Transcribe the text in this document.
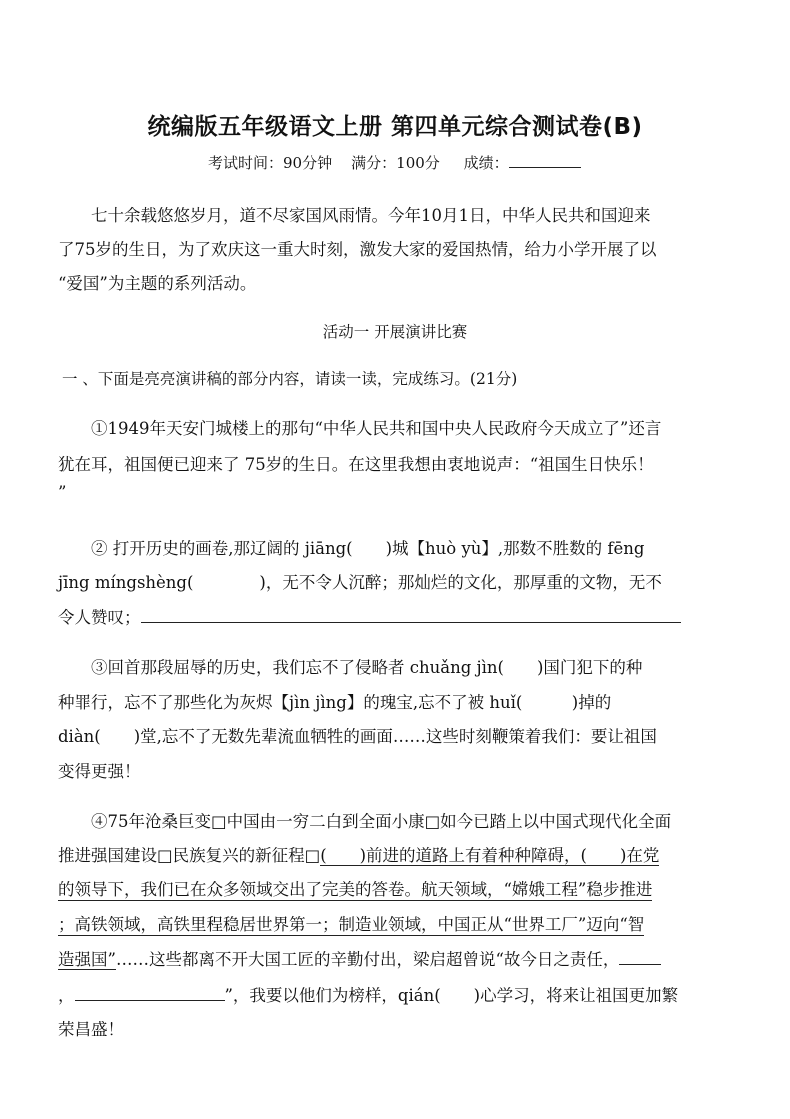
统编版五年级语文上册 第四单元综合测试卷(B)
考试时间：90分钟 满分：100分 成绩：
　　七十余载悠悠岁月，道不尽家国风雨情。今年10月1日，中华人民共和国迎来
了75岁的生日，为了欢庆这一重大时刻，激发大家的爱国热情，给力小学开展了以
“爱国”为主题的系列活动。
活动一 开展演讲比赛
一 、下面是亮亮演讲稿的部分内容，请读一读，完成练习。(21分)
　　①1949年天安门城楼上的那句“中华人民共和国中央人民政府今天成立了”还言
犹在耳，祖国便已迎来了 75岁的生日。在这里我想由衷地说声：“祖国生日快乐！
”
　　② 打开历史的画卷,那辽阔的 jiāng(　　)城【huò yù】,那数不胜数的 fēng
jīng míngshèng(　　　　)，无不令人沉醉；那灿烂的文化，那厚重的文物，无不
令人赞叹；
　　③回首那段屈辱的历史，我们忘不了侵略者 chuǎng jìn(　　)国门犯下的种
种罪行，忘不了那些化为灰烬【jìn jìng】的瑰宝,忘不了被 huǐ(　　　)掉的
diàn(　　)堂,忘不了无数先辈流血牺牲的画面……这些时刻鞭策着我们：要让祖国
变得更强！
　　④75年沧桑巨变□中国由一穷二白到全面小康□如今已踏上以中国式现代化全面
推进强国建设□民族复兴的新征程□(　　)前进的道路上有着种种障碍，(　　)在党
的领导下，我们已在众多领域交出了完美的答卷。航天领域，“嫦娥工程”稳步推进
；高铁领域，高铁里程稳居世界第一；制造业领域，中国正从“世界工厂”迈向“智
造强国”……这些都离不开大国工匠的辛勤付出，梁启超曾说“故今日之责任，
，	”，我要以他们为榜样，qián(　　)心学习，将来让祖国更加繁
荣昌盛！
